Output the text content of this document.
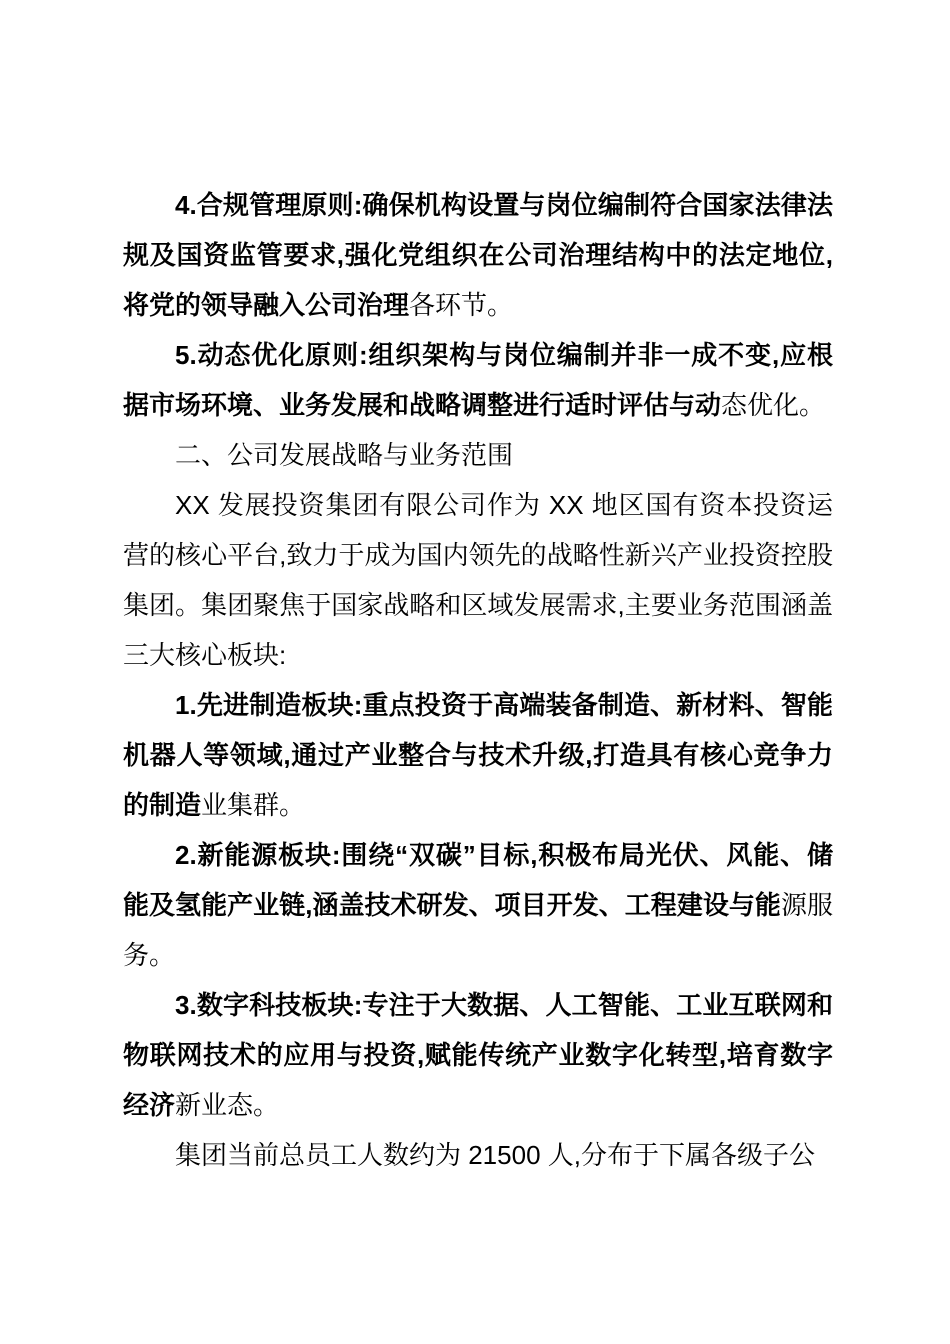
4.合规管理原则:确保机构设置与岗位编制符合国家法律法规及国资监管要求,强化党组织在公司治理结构中的法定地位,将党的领导融入公司治理各环节。

5.动态优化原则:组织架构与岗位编制并非一成不变,应根据市场环境、业务发展和战略调整进行适时评估与动态优化。

二、公司发展战略与业务范围

XX 发展投资集团有限公司作为 XX 地区国有资本投资运营的核心平台,致力于成为国内领先的战略性新兴产业投资控股集团。集团聚焦于国家战略和区域发展需求,主要业务范围涵盖三大核心板块:

1.先进制造板块:重点投资于高端装备制造、新材料、智能机器人等领域,通过产业整合与技术升级,打造具有核心竞争力的制造业集群。

2.新能源板块:围绕“双碳”目标,积极布局光伏、风能、储能及氢能产业链,涵盖技术研发、项目开发、工程建设与能源服务。

3.数字科技板块:专注于大数据、人工智能、工业互联网和物联网技术的应用与投资,赋能传统产业数字化转型,培育数字经济新业态。

集团当前总员工人数约为 21500 人,分布于下属各级子公
